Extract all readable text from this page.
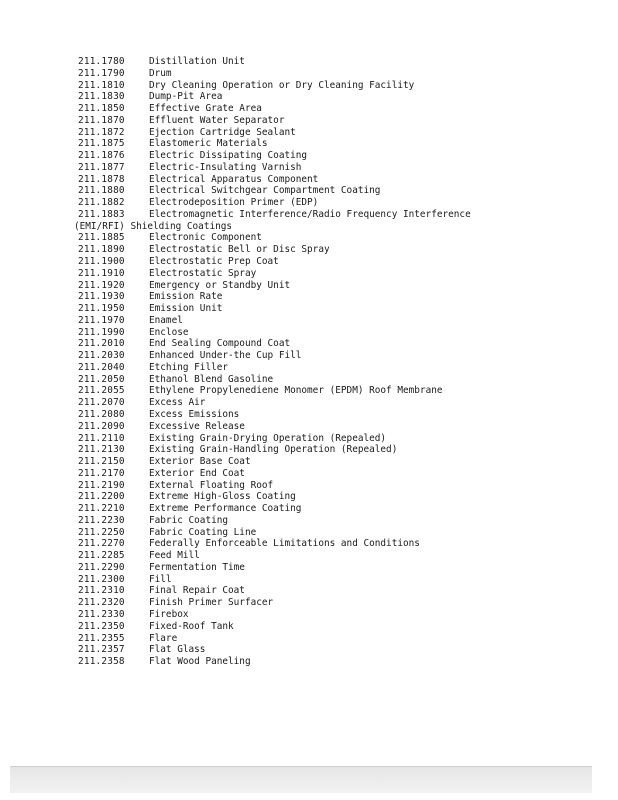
211.1780	Distillation Unit
211.1790	Drum
211.1810	Dry Cleaning Operation or Dry Cleaning Facility
211.1830	Dump-Pit Area
211.1850	Effective Grate Area
211.1870	Effluent Water Separator
211.1872	Ejection Cartridge Sealant
211.1875	Elastomeric Materials
211.1876	Electric Dissipating Coating
211.1877	Electric-Insulating Varnish
211.1878	Electrical Apparatus Component
211.1880	Electrical Switchgear Compartment Coating
211.1882	Electrodeposition Primer (EDP)
211.1883	Electromagnetic Interference/Radio Frequency Interference
(EMI/RFI) Shielding Coatings
211.1885	Electronic Component
211.1890	Electrostatic Bell or Disc Spray
211.1900	Electrostatic Prep Coat
211.1910	Electrostatic Spray
211.1920	Emergency or Standby Unit
211.1930	Emission Rate
211.1950	Emission Unit
211.1970	Enamel
211.1990	Enclose
211.2010	End Sealing Compound Coat
211.2030	Enhanced Under-the Cup Fill
211.2040	Etching Filler
211.2050	Ethanol Blend Gasoline
211.2055	Ethylene Propylenediene Monomer (EPDM) Roof Membrane
211.2070	Excess Air
211.2080	Excess Emissions
211.2090	Excessive Release
211.2110	Existing Grain-Drying Operation (Repealed)
211.2130	Existing Grain-Handling Operation (Repealed)
211.2150	Exterior Base Coat
211.2170	Exterior End Coat
211.2190	External Floating Roof
211.2200	Extreme High-Gloss Coating
211.2210	Extreme Performance Coating
211.2230	Fabric Coating
211.2250	Fabric Coating Line
211.2270	Federally Enforceable Limitations and Conditions
211.2285	Feed Mill
211.2290	Fermentation Time
211.2300	Fill
211.2310	Final Repair Coat
211.2320	Finish Primer Surfacer
211.2330	Firebox
211.2350	Fixed-Roof Tank
211.2355	Flare
211.2357	Flat Glass
211.2358	Flat Wood Paneling
